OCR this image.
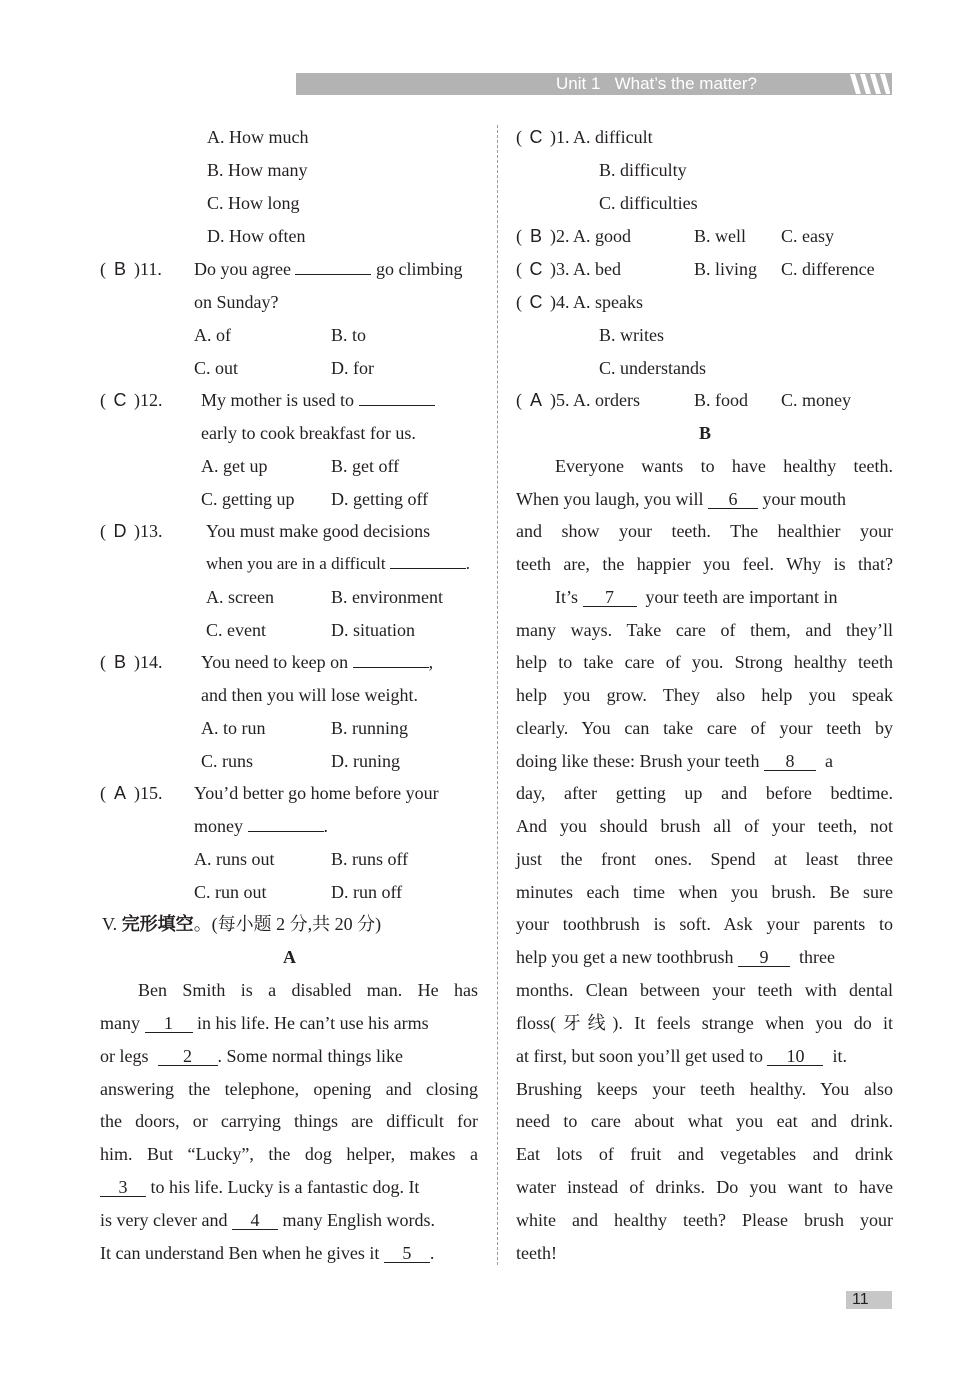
Unit 1   What’s the matter?
A. How much
B. How many
C. How long
D. How often
( B )11. Do you agree	go climbing
on Sunday?
A. of	B. to
C. out	D. for
( C )12. My mother is used to
early to cook breakfast for us.
A. get up	B. get off
C. getting up D. getting off
( D )13. You must make good decisions
when you are in a difficult	.
A. screen	B. environment
C. event	D. situation
( B )14. You need to keep on	,
and then you will lose weight.
A. to run	B. running
C. runs	D. runing
( A )15. You’d better go home before your
money	.
A. runs out	B. runs off
C. run out	D. run off
V. 完形填空。(每小题 2 分,共 20 分)
A
Ben Smith is a disabled man. He has
many 1 in his life. He can’t use his arms
or legs 2 . Some normal things like
answering the telephone, opening and closing
the doors, or carrying things are difficult for
him. But “Lucky”, the dog helper, makes a
3 to his life. Lucky is a fantastic dog. It
is very clever and 4 many English words.
It can understand Ben when he gives it 5 .
( C )1. A. difficult
B. difficulty
C. difficulties
( B )2. A. good	B. well C. easy
( C )3. A. bed	B. living C. difference
( C )4. A. speaks
B. writes
C. understands
( A )5. A. orders	B. food C. money
B
Everyone wants to have healthy teeth.
When you laugh, you will 6 your mouth
and show your teeth. The healthier your
teeth are, the happier you feel. Why is that?
It’s 7 your teeth are important in
many ways. Take care of them, and they’ll
help to take care of you. Strong healthy teeth
help you grow. They also help you speak
clearly. You can take care of your teeth by
doing like these: Brush your teeth 8 a
day, after getting up and before bedtime.
And you should brush all of your teeth, not
just the front ones. Spend at least three
minutes each time when you brush. Be sure
your toothbrush is soft. Ask your parents to
help you get a new toothbrush 9 three
months. Clean between your teeth with dental
floss(牙线). It feels strange when you do it
at first, but soon you’ll get used to 10 it.
Brushing keeps your teeth healthy. You also
need to care about what you eat and drink.
Eat lots of fruit and vegetables and drink
water instead of drinks. Do you want to have
white and healthy teeth? Please brush your
teeth!
11
